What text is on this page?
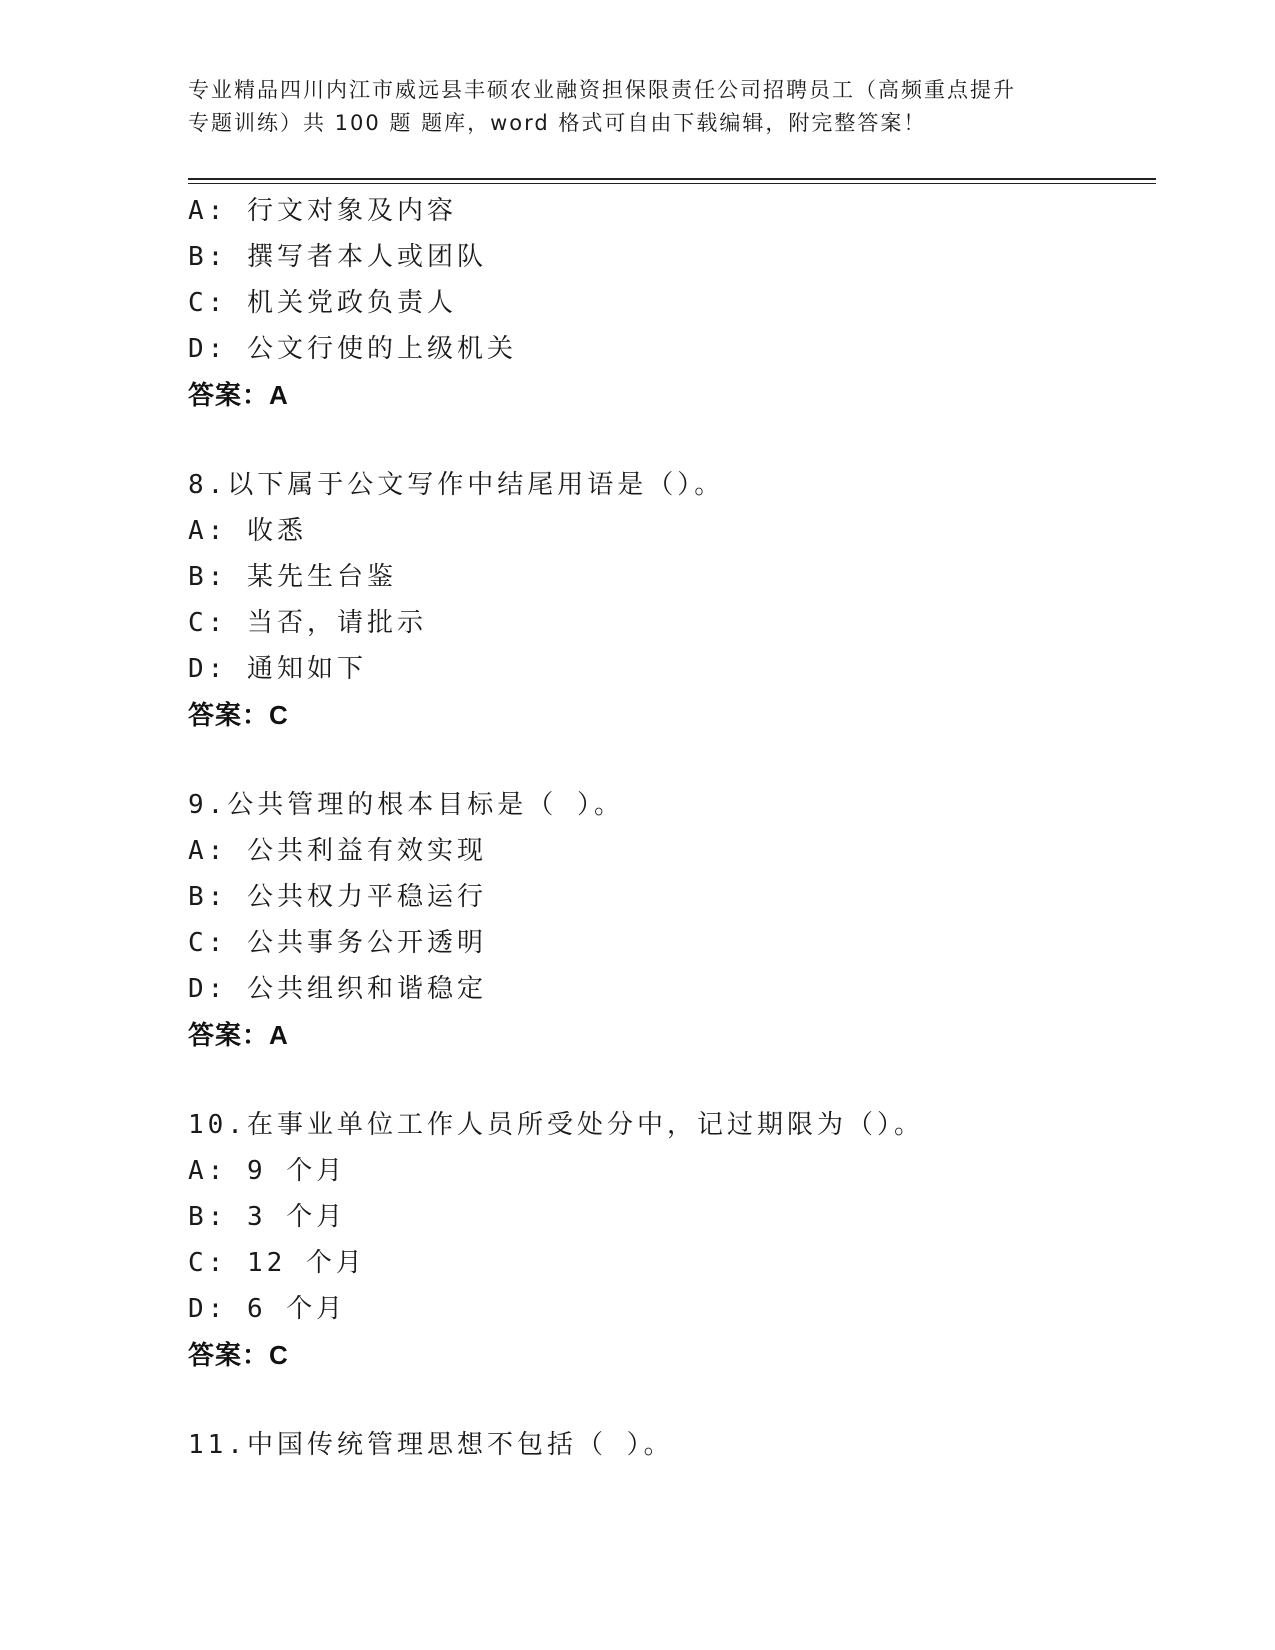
专业精品四川内江市威远县丰硕农业融资担保限责任公司招聘员工（高频重点提升
专题训练）共 100 题 题库，word 格式可自由下载编辑，附完整答案！
A: 行文对象及内容
B: 撰写者本人或团队
C: 机关党政负责人
D: 公文行使的上级机关
答案：A
8.以下属于公文写作中结尾用语是（）。
A: 收悉
B: 某先生台鉴
C: 当否，请批示
D: 通知如下
答案：C
9.公共管理的根本目标是（ ）。
A: 公共利益有效实现
B: 公共权力平稳运行
C: 公共事务公开透明
D: 公共组织和谐稳定
答案：A
10.在事业单位工作人员所受处分中，记过期限为（）。
A: 9 个月
B: 3 个月
C: 12 个月
D: 6 个月
答案：C
11.中国传统管理思想不包括（ ）。
